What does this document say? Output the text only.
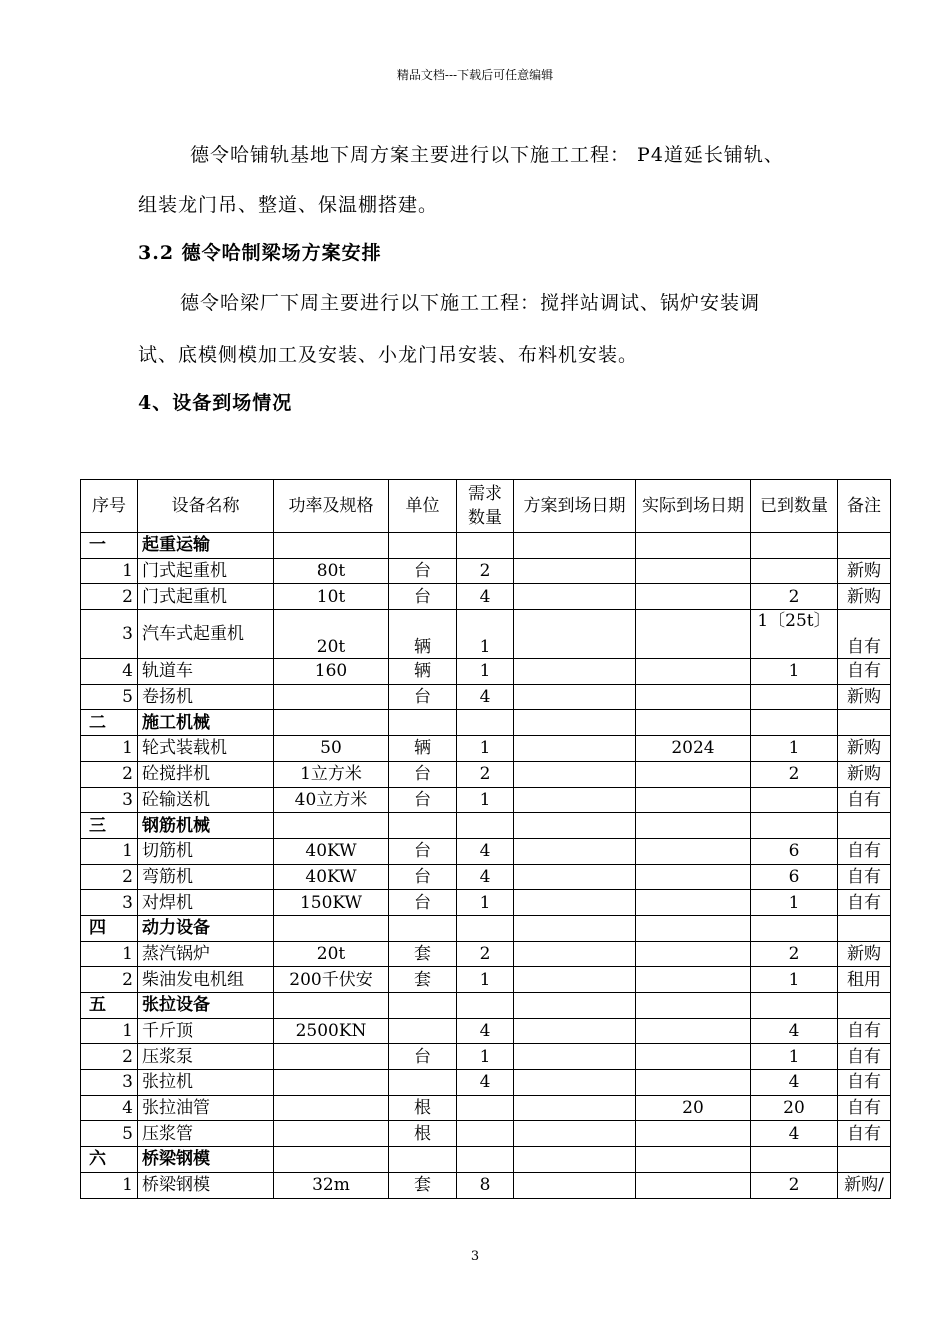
精品文档---下载后可任意编辑
德令哈铺轨基地下周方案主要进行以下施工工程： P4道延长铺轨、
组装龙门吊、整道、保温棚搭建。
3.2 德令哈制梁场方案安排
德令哈梁厂下周主要进行以下施工工程：搅拌站调试、锅炉安装调
试、底模侧模加工及安装、小龙门吊安装、布料机安装。
4、设备到场情况
序号	设备名称	功率及规格	单位	需求数量	方案到场日期	实际到场日期	已到数量	备注
一	起重运输							
1	门式起重机	80t	台	2				新购
2	门式起重机	10t	台	4			2	新购
3	汽车式起重机	20t	辆	1			1〔25t〕	自有
4	轨道车	160	辆	1			1	自有
5	卷扬机		台	4				新购
二	施工机械							
1	轮式装载机	50	辆	1		2024	1	新购
2	砼搅拌机	1立方米	台	2			2	新购
3	砼输送机	40立方米	台	1				自有
三	钢筋机械							
1	切筋机	40KW	台	4			6	自有
2	弯筋机	40KW	台	4			6	自有
3	对焊机	150KW	台	1			1	自有
四	动力设备							
1	蒸汽锅炉	20t	套	2			2	新购
2	柴油发电机组	200千伏安	套	1			1	租用
五	张拉设备							
1	千斤顶	2500KN		4			4	自有
2	压浆泵		台	1			1	自有
3	张拉机			4			4	自有
4	张拉油管		根			20	20	自有
5	压浆管		根				4	自有
六	桥梁钢模							
1	桥梁钢模	32m	套	8			2	新购/
3
